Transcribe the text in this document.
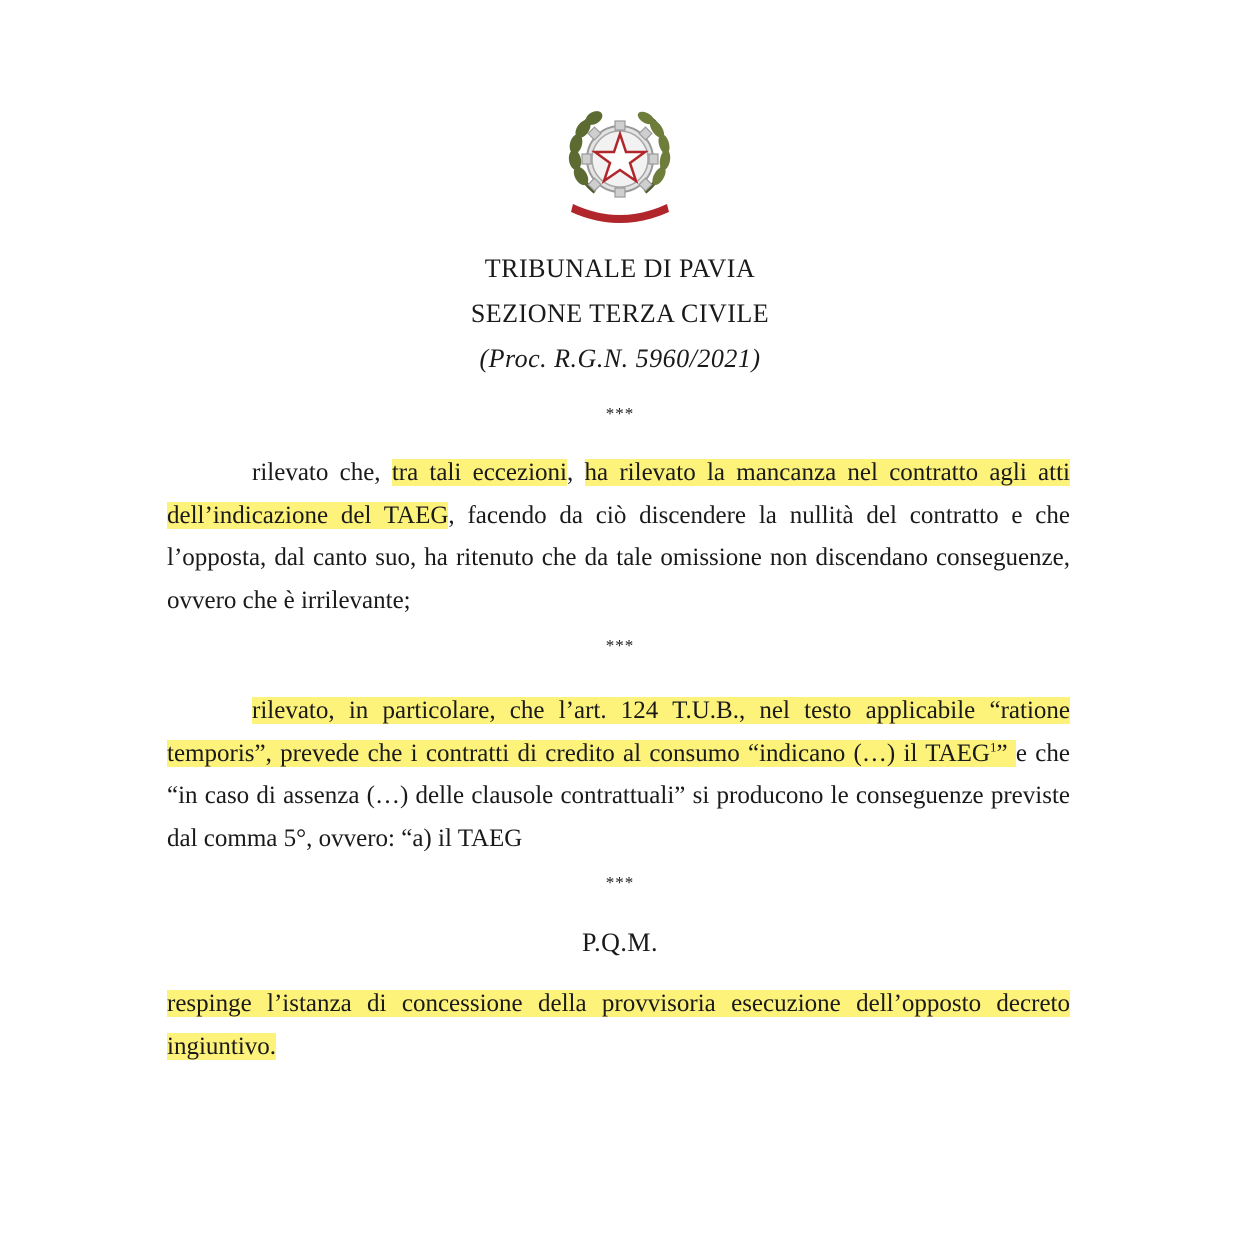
TRIBUNALE DI PAVIA
SEZIONE TERZA CIVILE
(Proc. R.G.N. 5960/2021)
***
rilevato che, tra tali eccezioni, ha rilevato la mancanza nel contratto agli atti dell’indicazione del TAEG, facendo da ciò discendere la nullità del contratto e che l’opposta, dal canto suo, ha ritenuto che da tale omissione non discendano conseguenze, ovvero che è irrilevante;
***
rilevato, in particolare, che l’art. 124 T.U.B., nel testo applicabile “ratione temporis”, prevede che i contratti di credito al consumo “indicano (…) il TAEG$^1$” e che “in caso di assenza (…) delle clausole contrattuali” si producono le conseguenze previste dal comma 5°, ovvero: “a) il TAEG
***
P.Q.M.
respinge l’istanza di concessione della provvisoria esecuzione dell’opposto decreto ingiuntivo.
